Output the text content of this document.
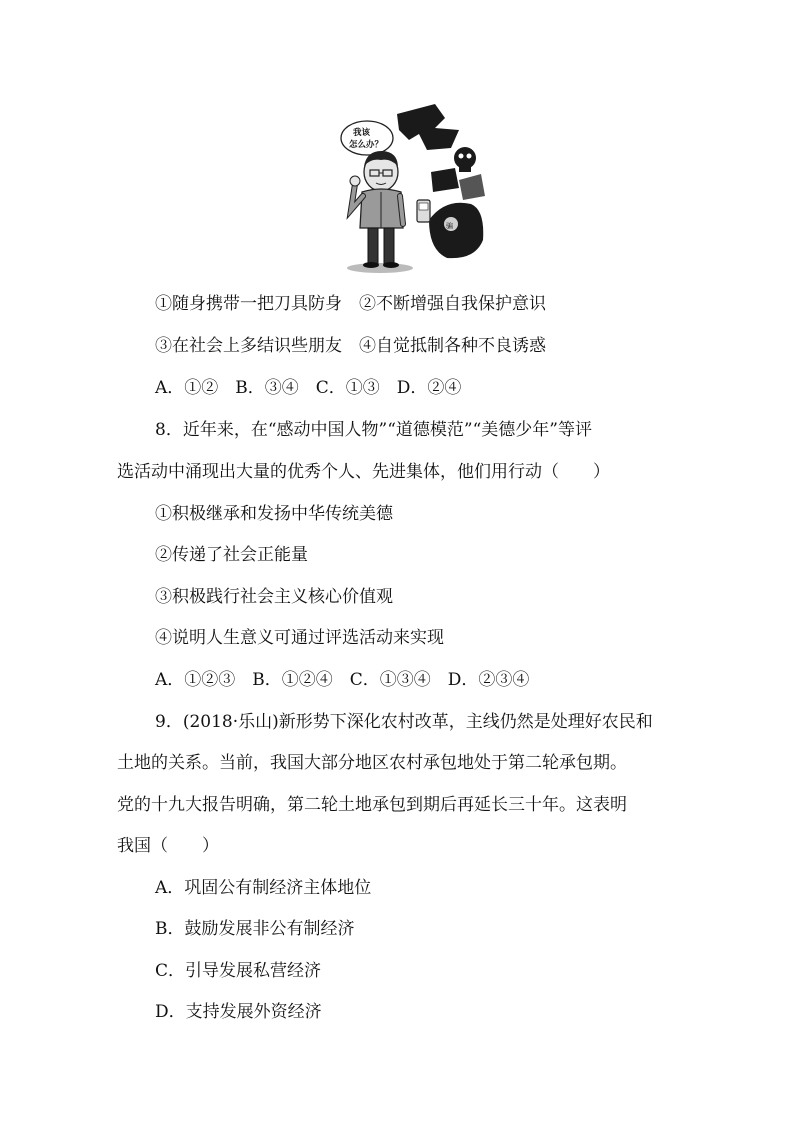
我该
怎么办？
骗
①随身携带一把刀具防身　②不断增强自我保护意识
③在社会上多结识些朋友　④自觉抵制各种不良诱惑
A．①②　B．③④　C．①③　D．②④
8．近年来，在“感动中国人物”“道德模范”“美德少年”等评
选活动中涌现出大量的优秀个人、先进集体，他们用行动（　　）
①积极继承和发扬中华传统美德
②传递了社会正能量
③积极践行社会主义核心价值观
④说明人生意义可通过评选活动来实现
A．①②③　B．①②④　C．①③④　D．②③④
9．(2018·乐山)新形势下深化农村改革，主线仍然是处理好农民和
土地的关系。当前，我国大部分地区农村承包地处于第二轮承包期。
党的十九大报告明确，第二轮土地承包到期后再延长三十年。这表明
我国（　　）
A．巩固公有制经济主体地位
B．鼓励发展非公有制经济
C．引导发展私营经济
D．支持发展外资经济
